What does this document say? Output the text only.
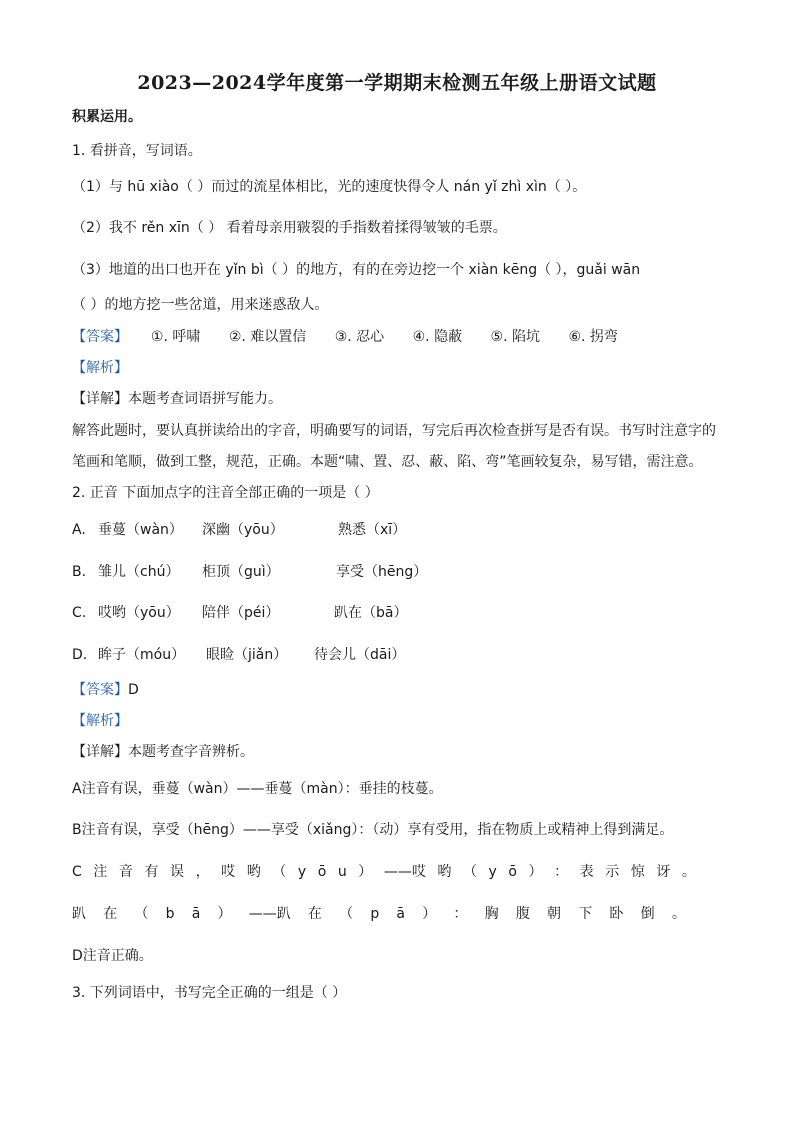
2023—2024学年度第一学期期末检测五年级上册语文试题
积累运用。
1. 看拼音，写词语。
（1）与 hū xiào（ ）而过的流星体相比，光的速度快得令人 nán yǐ zhì xìn（ ）。
（2）我不 rěn xīn（ ） 看着母亲用皲裂的手指数着揉得皱皱的毛票。
（3）地道的出口也开在 yǐn bì（ ）的地方，有的在旁边挖一个 xiàn kēng（ ），guǎi wān
（ ）的地方挖一些岔道，用来迷惑敌人。
【答案】 ①. 呼啸 ②. 难以置信 ③. 忍心 ④. 隐蔽 ⑤. 陷坑 ⑥. 拐弯
【解析】
【详解】本题考查词语拼写能力。
解答此题时，要认真拼读给出的字音，明确要写的词语，写完后再次检查拼写是否有误。书写时注意字的
笔画和笔顺，做到工整，规范，正确。本题“啸、置、忍、蔽、陷、弯”笔画较复杂，易写错，需注意。
2. 正音 下面加点字的注音全部正确的一项是（ ）
A. 垂蔓（wàn） 深幽（yōu）	熟悉（xī）
B. 雏儿（chú） 柜顶（guì）	享受（hēng）
C. 哎哟（yōu） 陪伴（péi）	趴在（bā）
D. 眸子（móu） 眼睑（jiǎn） 待会儿（dāi）
【答案】D
【解析】
【详解】本题考查字音辨析。
A注音有误，垂蔓（wàn）——垂蔓（màn）：垂挂的枝蔓。
B注音有误，享受（hēng）——享受（xiǎng）：（动）享有受用，指在物质上或精神上得到满足。
C 注 音 有 误 ， 哎 哟 （ y ō u ） ——哎 哟 （ y ō ） ： 表 示 惊 讶 。
趴 在 （ b ā ） ——趴 在 （ p ā ） ： 胸 腹 朝 下 卧 倒 。
D注音正确。
3. 下列词语中，书写完全正确的一组是（ ）
